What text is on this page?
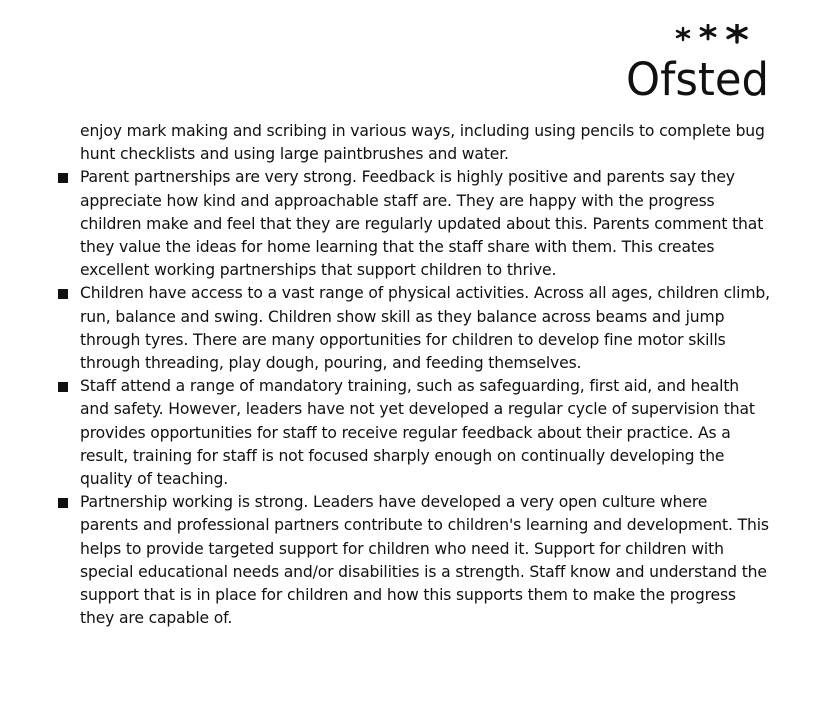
Ofsted

enjoy mark making and scribing in various ways, including using pencils to complete bug hunt checklists and using large paintbrushes and water.

Parent partnerships are very strong. Feedback is highly positive and parents say they appreciate how kind and approachable staff are. They are happy with the progress children make and feel that they are regularly updated about this. Parents comment that they value the ideas for home learning that the staff share with them. This creates excellent working partnerships that support children to thrive.
Children have access to a vast range of physical activities. Across all ages, children climb, run, balance and swing. Children show skill as they balance across beams and jump through tyres. There are many opportunities for children to develop fine motor skills through threading, play dough, pouring, and feeding themselves.
Staff attend a range of mandatory training, such as safeguarding, first aid, and health and safety. However, leaders have not yet developed a regular cycle of supervision that provides opportunities for staff to receive regular feedback about their practice. As a result, training for staff is not focused sharply enough on continually developing the quality of teaching.
Partnership working is strong. Leaders have developed a very open culture where parents and professional partners contribute to children's learning and development. This helps to provide targeted support for children who need it. Support for children with special educational needs and/or disabilities is a strength. Staff know and understand the support that is in place for children and how this supports them to make the progress they are capable of.
